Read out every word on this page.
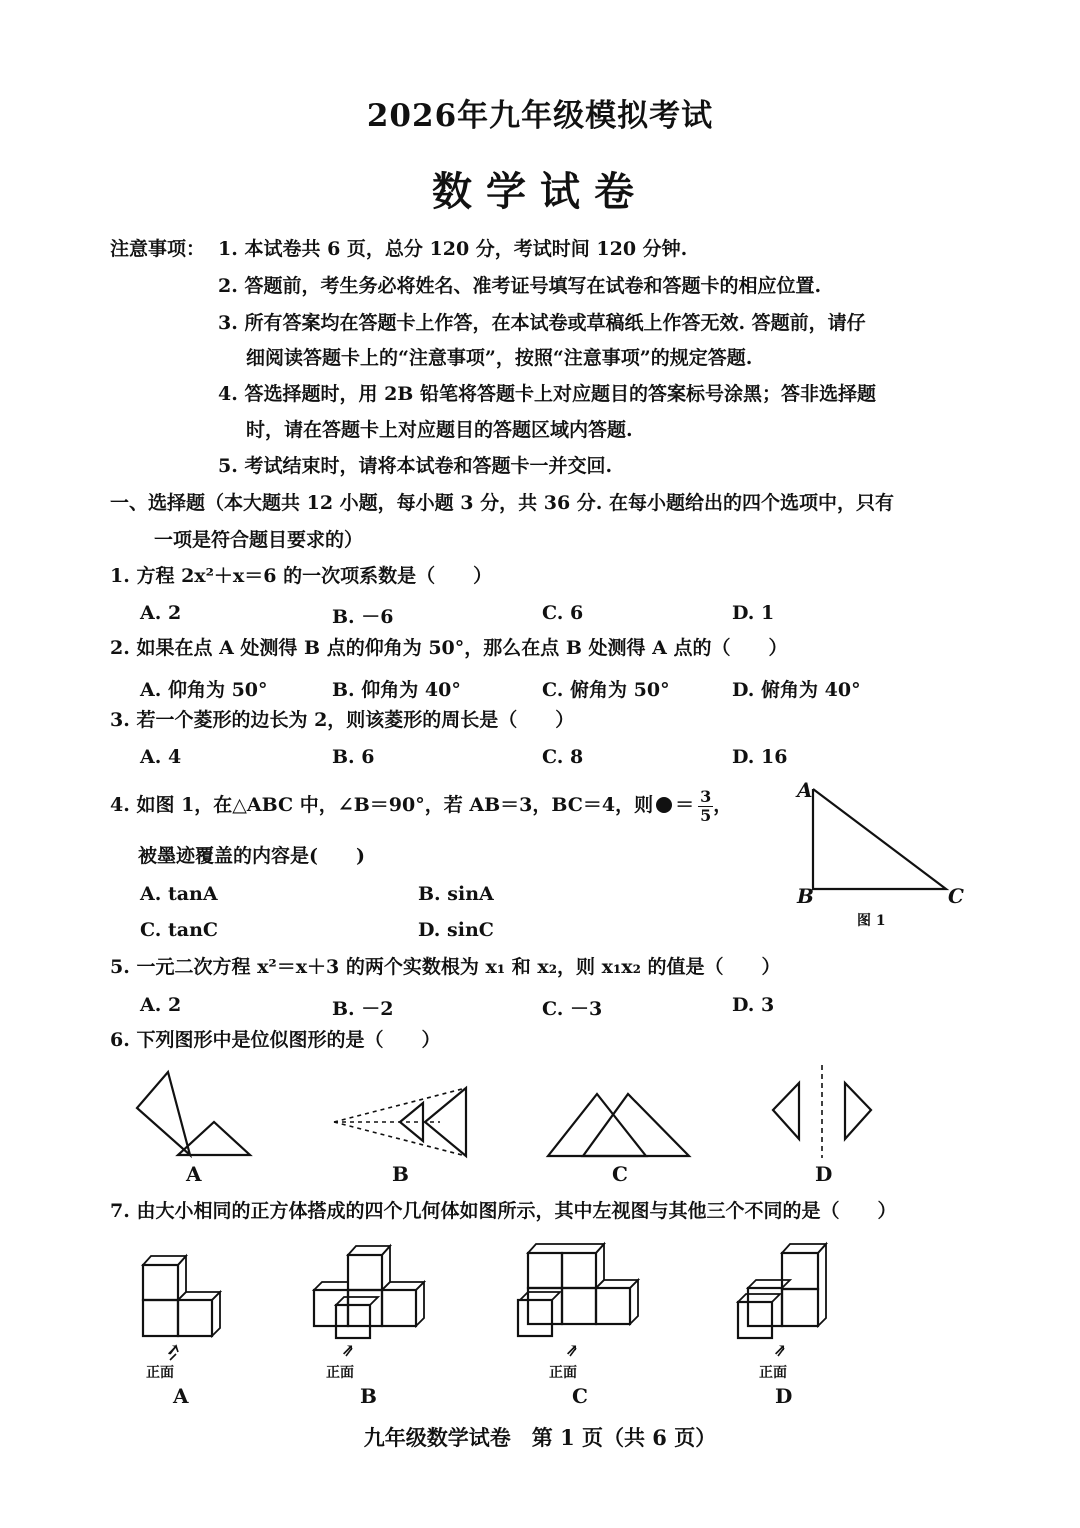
2026年九年级模拟考试
数学试卷
注意事项： 1. 本试卷共 6 页，总分 120 分，考试时间 120 分钟.
2. 答题前，考生务必将姓名、准考证号填写在试卷和答题卡的相应位置.
3. 所有答案均在答题卡上作答，在本试卷或草稿纸上作答无效. 答题前，请仔
细阅读答题卡上的“注意事项”，按照“注意事项”的规定答题.
4. 答选择题时，用 2B 铅笔将答题卡上对应题目的答案标号涂黑；答非选择题
时，请在答题卡上对应题目的答题区域内答题.
5. 考试结束时，请将本试卷和答题卡一并交回.
一、选择题（本大题共 12 小题，每小题 3 分，共 36 分. 在每小题给出的四个选项中，只有
一项是符合题目要求的）
1. 方程 2x²＋x＝6 的一次项系数是（　　）
A. 2	B. －6	C. 6	D. 1
2. 如果在点 A 处测得 B 点的仰角为 50°，那么在点 B 处测得 A 点的（　　）
A. 仰角为 50°	B. 仰角为 40°	C. 俯角为 50°	D. 俯角为 40°
3. 若一个菱形的边长为 2，则该菱形的周长是（　　）
A. 4	B. 6	C. 8	D. 16
4. 如图 1，在△ABC 中，∠B＝90°，若 AB＝3，BC＝4，则 ＝ $\frac{3}{5}$ ，
被墨迹覆盖的内容是(　　)
A. tanA	B. sinA
C. tanC	D. sinC
A
B	C
图 1
5. 一元二次方程 x²＝x＋3 的两个实数根为 x₁ 和 x₂，则 x₁x₂ 的值是（　　）
A. 2	B. －2	C. －3	D. 3
6. 下列图形中是位似图形的是（　　）
A	B	C	D
7. 由大小相同的正方体搭成的四个几何体如图所示，其中左视图与其他三个不同的是（　　）
↗	↗	↗	↗
正面	正面	正面	正面
A	B	C	D
九年级数学试卷　第 1 页（共 6 页）
